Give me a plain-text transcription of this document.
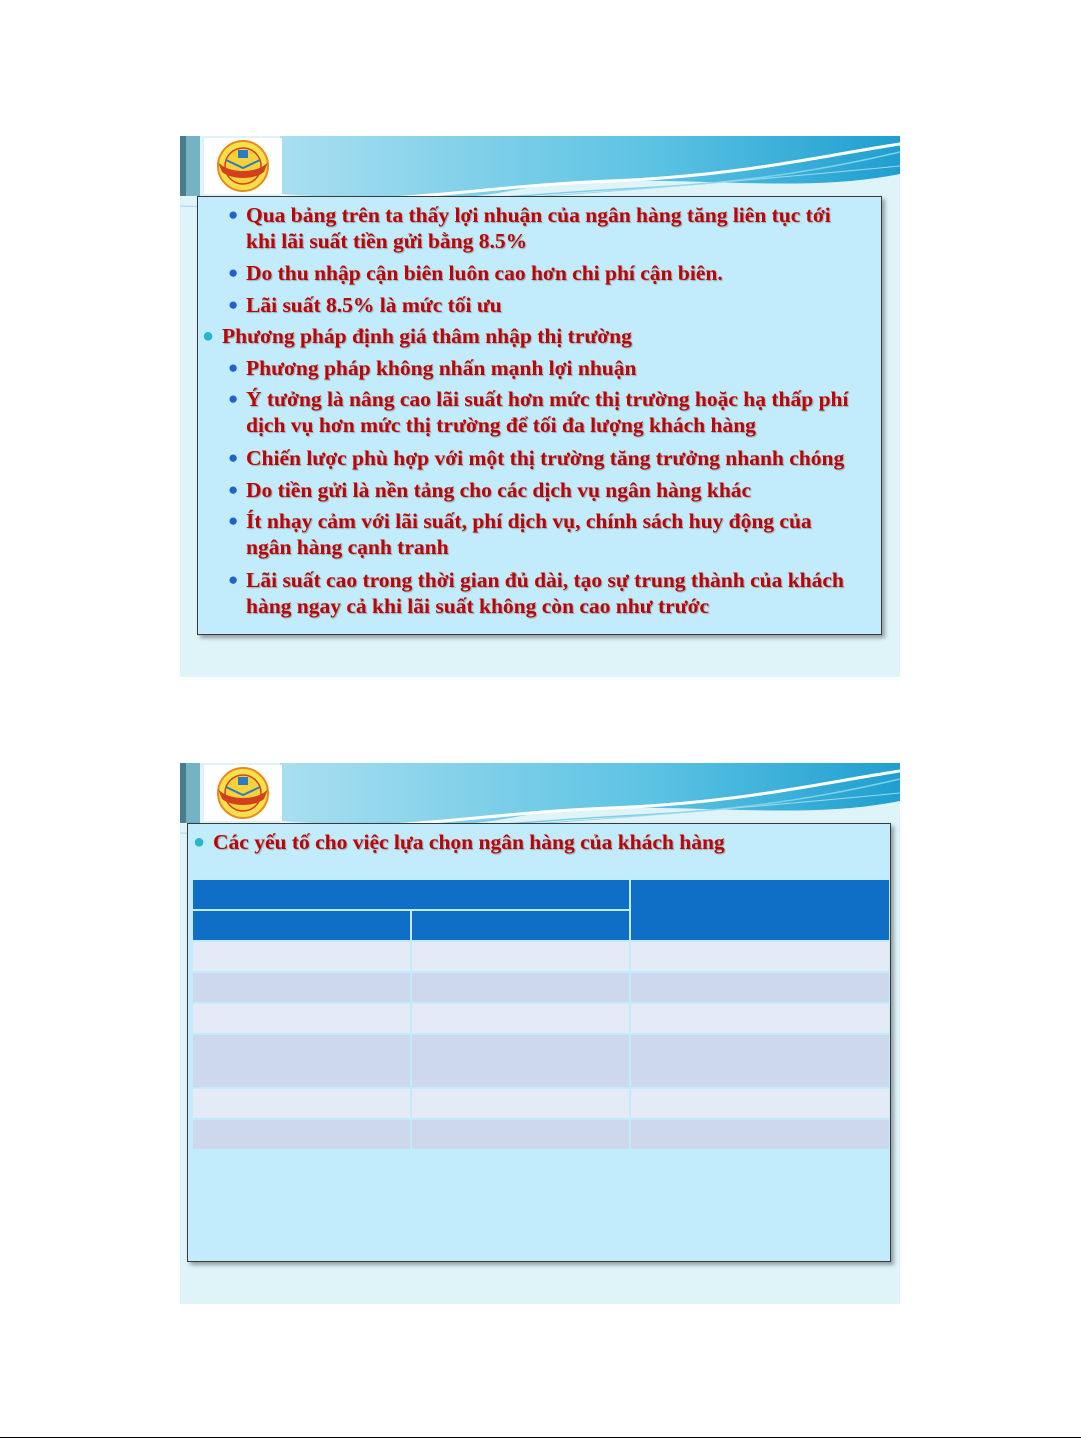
● Qua bảng trên ta thấy lợi nhuận của ngân hàng tăng liên tục tới
khi lãi suất tiền gửi bằng 8.5%
● Do thu nhập cận biên luôn cao hơn chi phí cận biên.
● Lãi suất 8.5% là mức tối ưu
● Phương pháp định giá thâm nhập thị trường
● Phương pháp không nhấn mạnh lợi nhuận
● Ý tưởng là nâng cao lãi suất hơn mức thị trường hoặc hạ thấp phí
dịch vụ hơn mức thị trường để tối đa lượng khách hàng
● Chiến lược phù hợp với một thị trường tăng trưởng nhanh chóng
● Do tiền gửi là nền tảng cho các dịch vụ ngân hàng khác
● Ít nhạy cảm với lãi suất, phí dịch vụ, chính sách huy động của
ngân hàng cạnh tranh
● Lãi suất cao trong thời gian đủ dài, tạo sự trung thành của khách
hàng ngay cả khi lãi suất không còn cao như trước
● Các yếu tố cho việc lựa chọn ngân hàng của khách hàng
